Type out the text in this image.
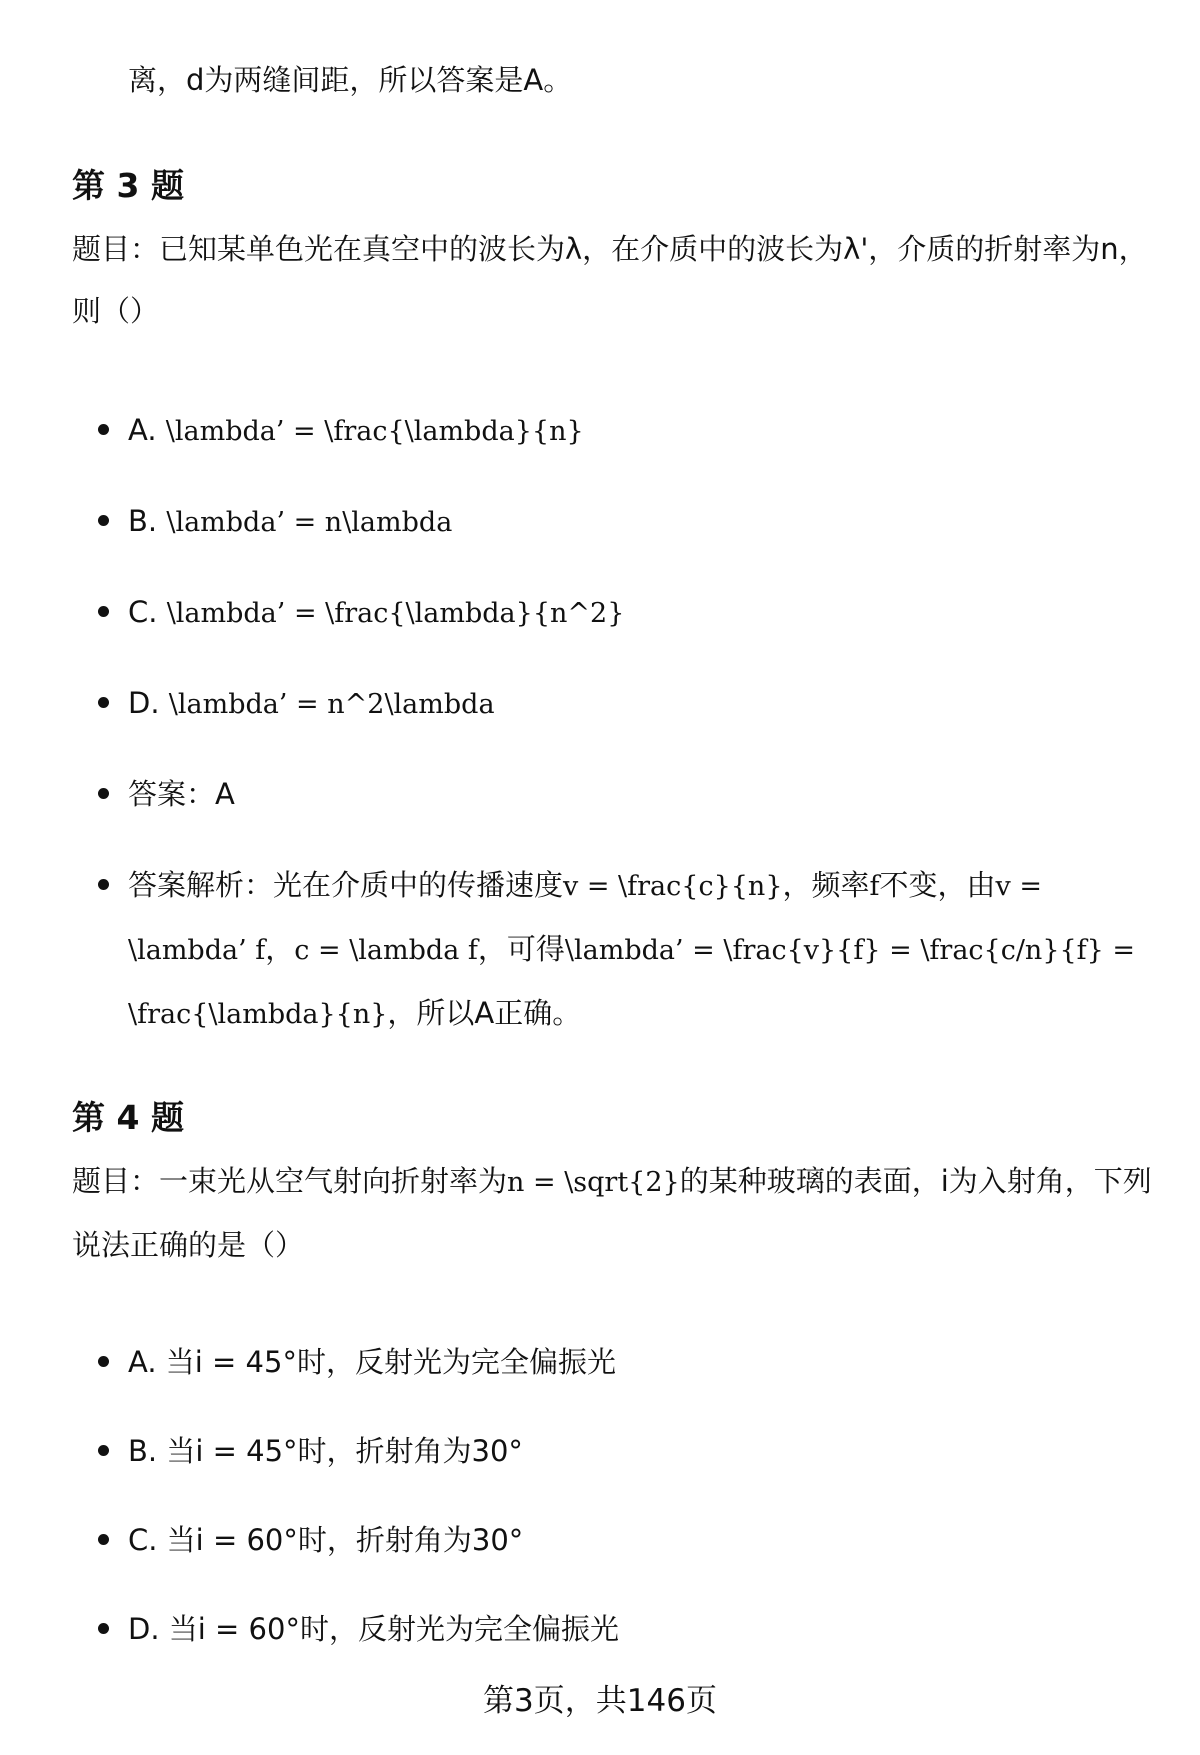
离，d为两缝间距，所以答案是A。
第 3 题
题目：已知某单色光在真空中的波长为λ，在介质中的波长为λ'，介质的折射率为n，则（）
A. \lambda’ = \frac{\lambda}{n}
B. \lambda’ = n\lambda
C. \lambda’ = \frac{\lambda}{n^2}
D. \lambda’ = n^2\lambda
答案：A
答案解析：光在介质中的传播速度v = \frac{c}{n}，频率f不变，由v = \lambda’ f，c = \lambda f，可得\lambda’ = \frac{v}{f} = \frac{c/n}{f} = \frac{\lambda}{n}，所以A正确。
第 4 题
题目：一束光从空气射向折射率为n = \sqrt{2}的某种玻璃的表面，i为入射角，下列说法正确的是（）
A. 当i = 45°时，反射光为完全偏振光
B. 当i = 45°时，折射角为30°
C. 当i = 60°时，折射角为30°
D. 当i = 60°时，反射光为完全偏振光
第3页，共146页
